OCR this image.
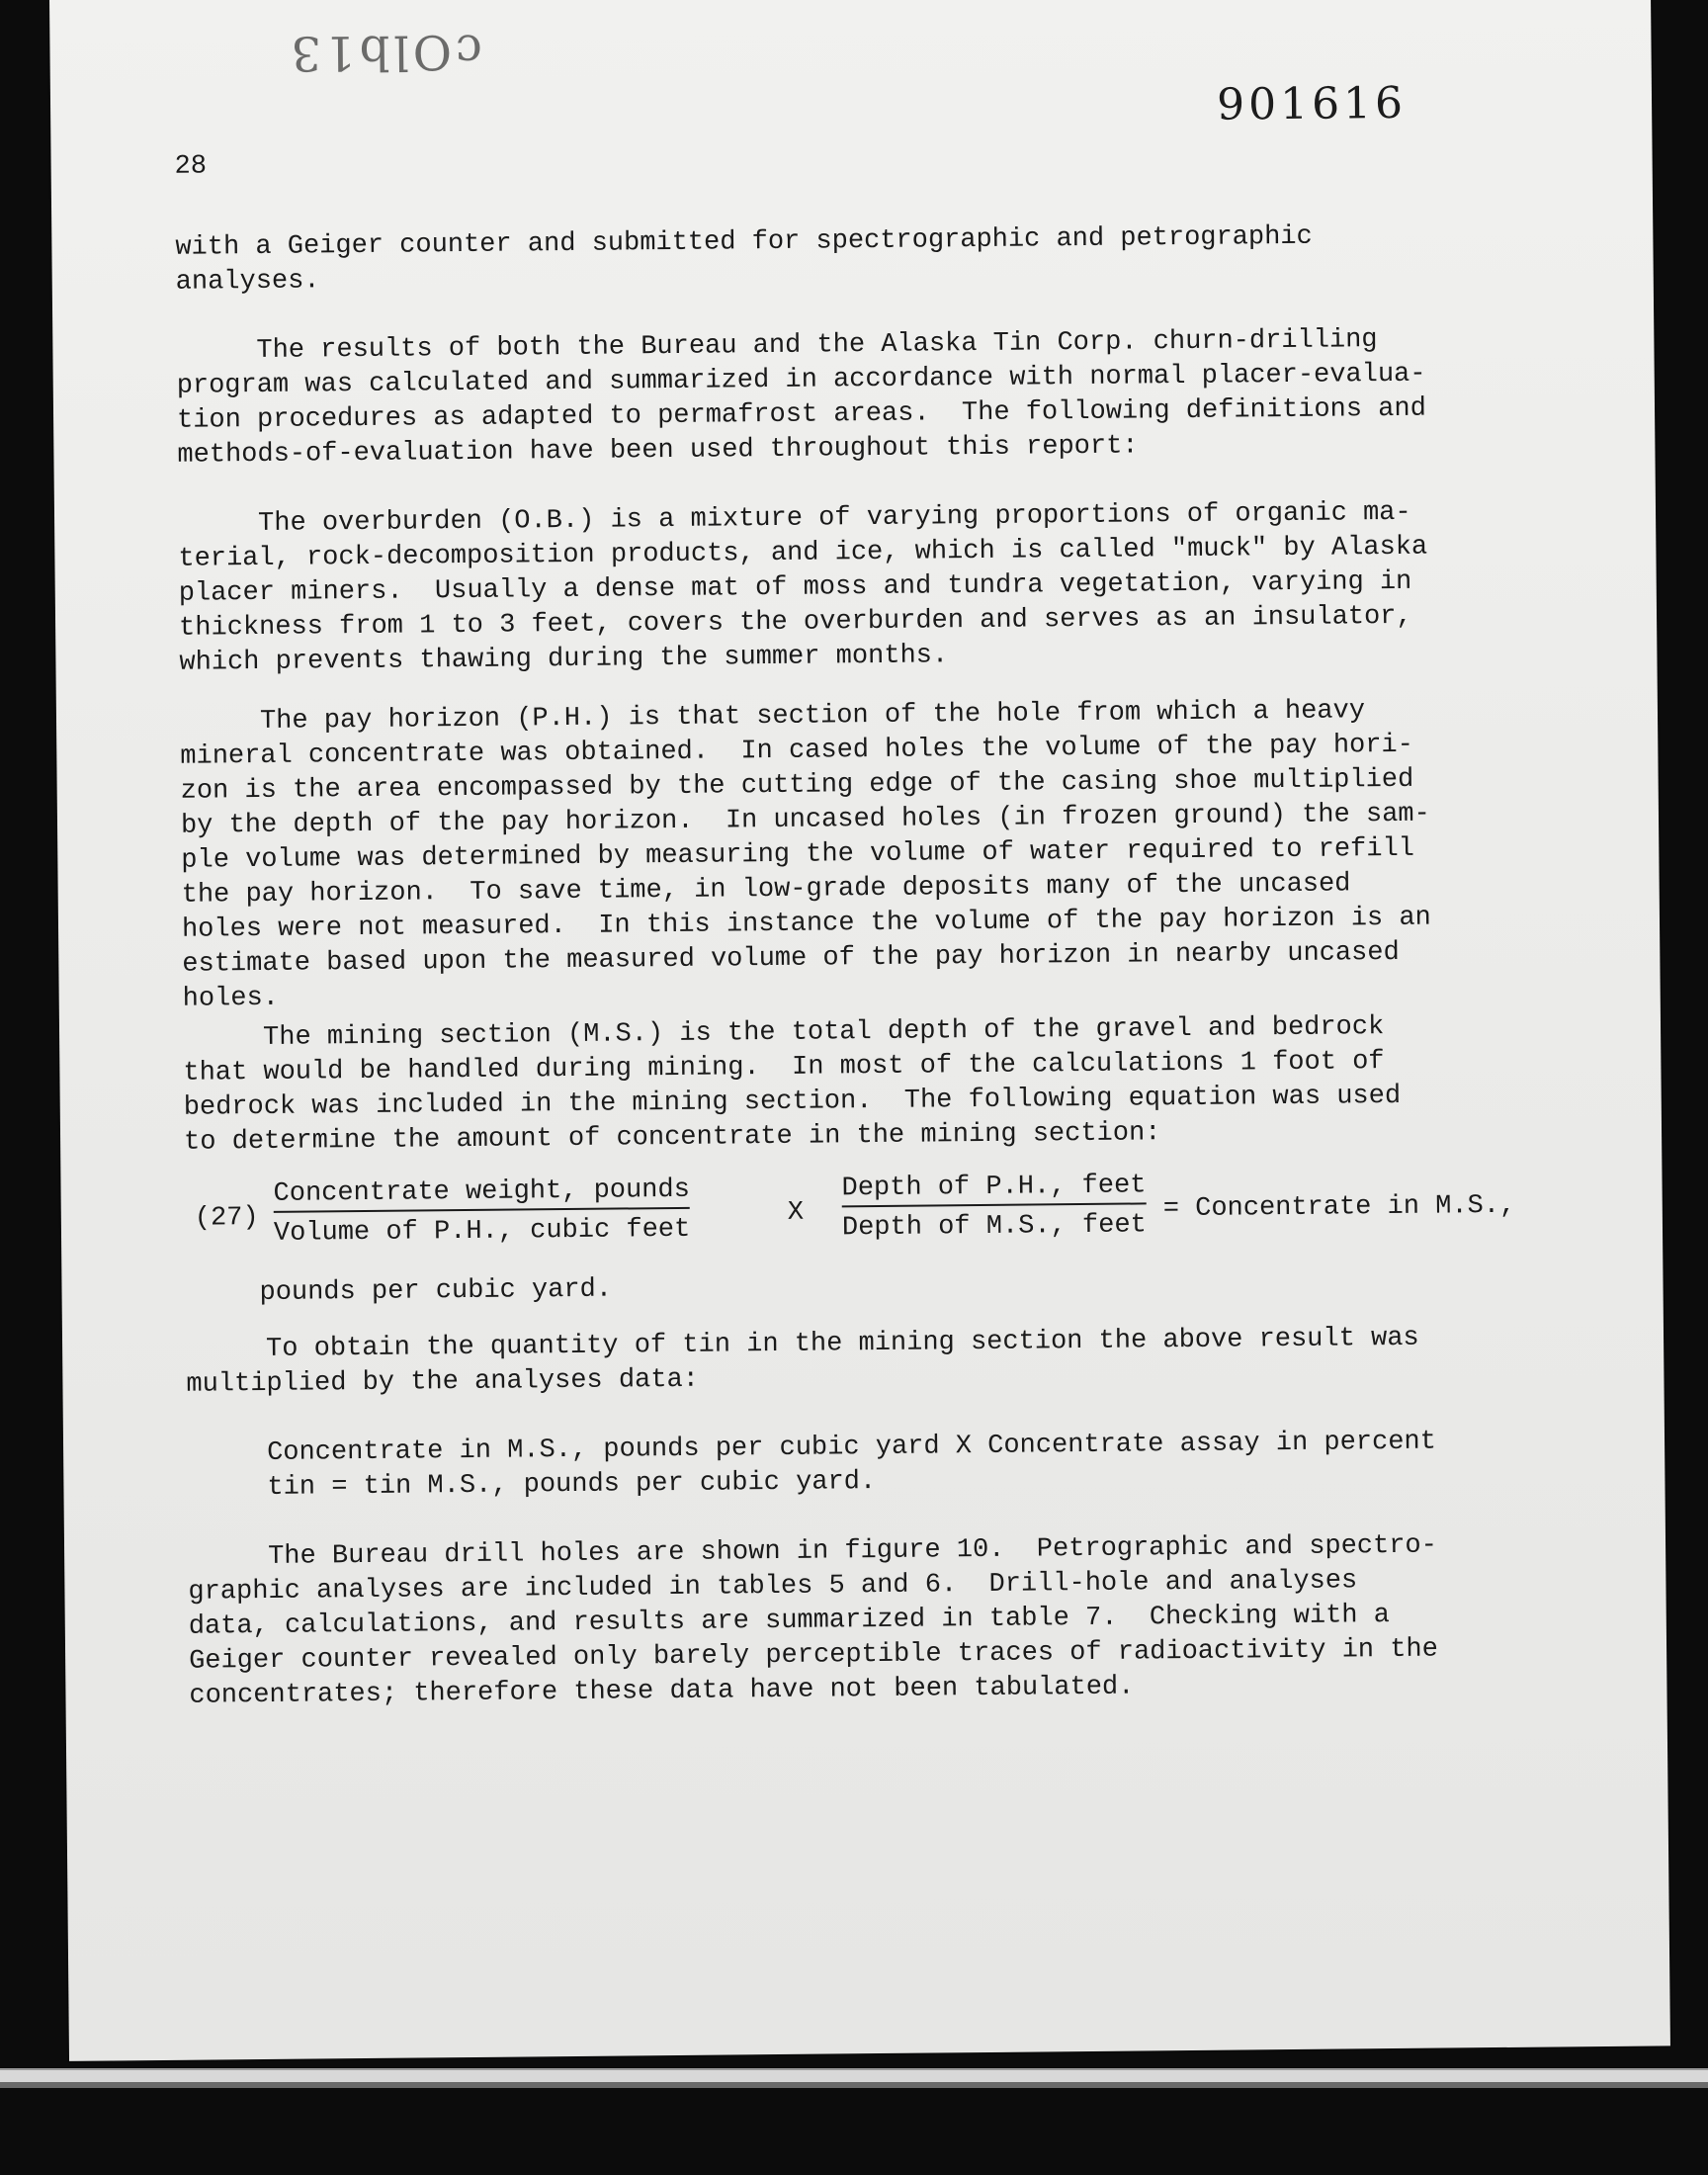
cOlb13
901616
28
with a Geiger counter and submitted for spectrographic and petrographic
analyses.
The results of both the Bureau and the Alaska Tin Corp. churn-drilling
program was calculated and summarized in accordance with normal placer-evalua-
tion procedures as adapted to permafrost areas.  The following definitions and
methods-of-evaluation have been used throughout this report:
The overburden (O.B.) is a mixture of varying proportions of organic ma-
terial, rock-decomposition products, and ice, which is called "muck" by Alaska
placer miners.  Usually a dense mat of moss and tundra vegetation, varying in
thickness from 1 to 3 feet, covers the overburden and serves as an insulator,
which prevents thawing during the summer months.
The pay horizon (P.H.) is that section of the hole from which a heavy
mineral concentrate was obtained.  In cased holes the volume of the pay hori-
zon is the area encompassed by the cutting edge of the casing shoe multiplied
by the depth of the pay horizon.  In uncased holes (in frozen ground) the sam-
ple volume was determined by measuring the volume of water required to refill
the pay horizon.  To save time, in low-grade deposits many of the uncased
holes were not measured.  In this instance the volume of the pay horizon is an
estimate based upon the measured volume of the pay horizon in nearby uncased
holes.
The mining section (M.S.) is the total depth of the gravel and bedrock
that would be handled during mining.  In most of the calculations 1 foot of
bedrock was included in the mining section.  The following equation was used
to determine the amount of concentrate in the mining section:
(27)
Concentrate weight, pounds
Volume of P.H., cubic feet
X
Depth of P.H., feet
Depth of M.S., feet
= Concentrate in M.S.,
pounds per cubic yard.
To obtain the quantity of tin in the mining section the above result was
multiplied by the analyses data:
Concentrate in M.S., pounds per cubic yard X Concentrate assay in percent
tin = tin M.S., pounds per cubic yard.
The Bureau drill holes are shown in figure 10.  Petrographic and spectro-
graphic analyses are included in tables 5 and 6.  Drill-hole and analyses
data, calculations, and results are summarized in table 7.  Checking with a
Geiger counter revealed only barely perceptible traces of radioactivity in the
concentrates; therefore these data have not been tabulated.
